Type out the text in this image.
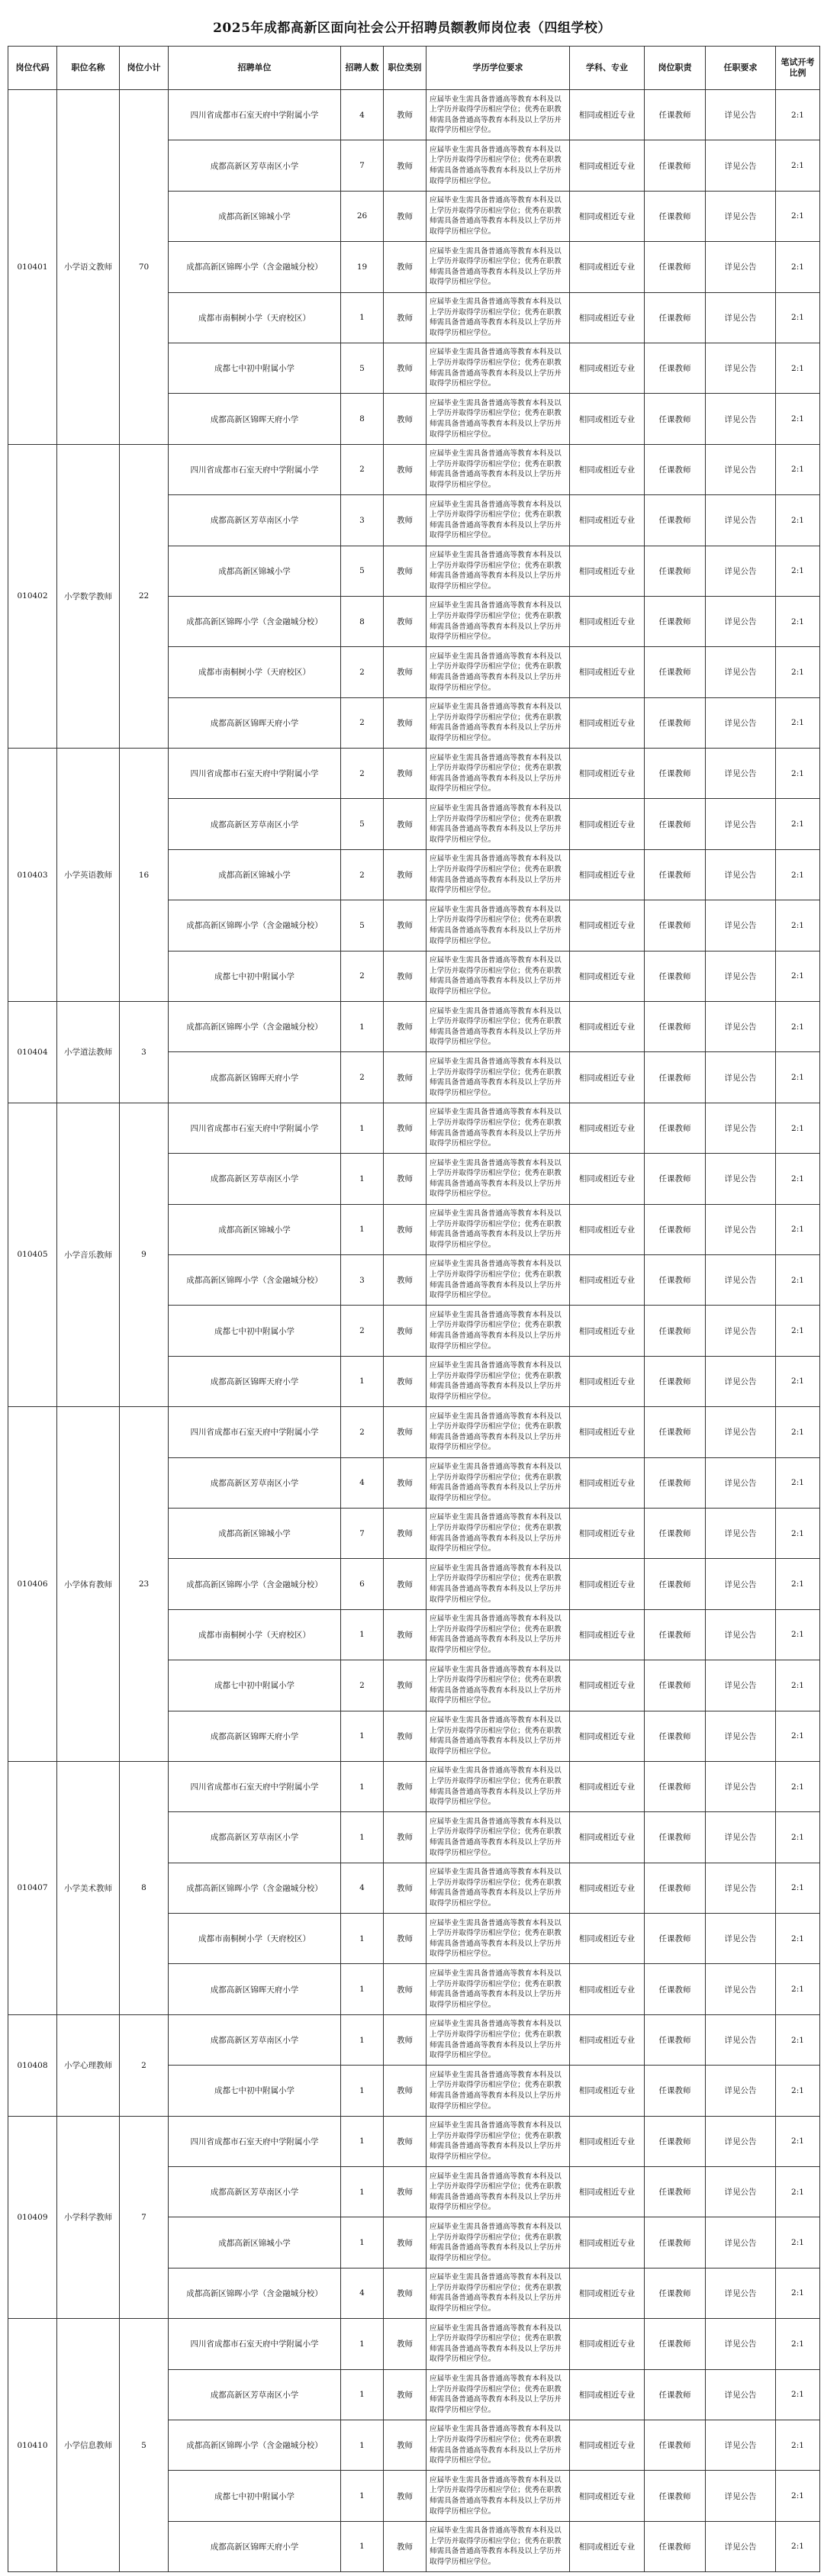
2025年成都高新区面向社会公开招聘员额教师岗位表（四组学校）
岗位代码	职位名称	岗位小计	招聘单位	招聘人数	职位类别	学历学位要求	学科、专业	岗位职责	任职要求	笔试开考比例
010401	小学语文教师	70	四川省成都市石室天府中学附属小学	4	教师	应届毕业生需具备普通高等教育本科及以上学历并取得学历相应学位；优秀在职教师需具备普通高等教育本科及以上学历并取得学历相应学位。	相同或相近专业	任课教师	详见公告	2:1
			成都高新区芳草南区小学	7	教师	应届毕业生需具备普通高等教育本科及以上学历并取得学历相应学位；优秀在职教师需具备普通高等教育本科及以上学历并取得学历相应学位。	相同或相近专业	任课教师	详见公告	2:1
			成都高新区锦城小学	26	教师	应届毕业生需具备普通高等教育本科及以上学历并取得学历相应学位；优秀在职教师需具备普通高等教育本科及以上学历并取得学历相应学位。	相同或相近专业	任课教师	详见公告	2:1
			成都高新区锦晖小学（含金融城分校）	19	教师	应届毕业生需具备普通高等教育本科及以上学历并取得学历相应学位；优秀在职教师需具备普通高等教育本科及以上学历并取得学历相应学位。	相同或相近专业	任课教师	详见公告	2:1
			成都市南桐树小学（天府校区）	1	教师	应届毕业生需具备普通高等教育本科及以上学历并取得学历相应学位；优秀在职教师需具备普通高等教育本科及以上学历并取得学历相应学位。	相同或相近专业	任课教师	详见公告	2:1
			成都七中初中附属小学	5	教师	应届毕业生需具备普通高等教育本科及以上学历并取得学历相应学位；优秀在职教师需具备普通高等教育本科及以上学历并取得学历相应学位。	相同或相近专业	任课教师	详见公告	2:1
			成都高新区锦晖天府小学	8	教师	应届毕业生需具备普通高等教育本科及以上学历并取得学历相应学位；优秀在职教师需具备普通高等教育本科及以上学历并取得学历相应学位。	相同或相近专业	任课教师	详见公告	2:1
010402	小学数学教师	22	四川省成都市石室天府中学附属小学	2	教师	应届毕业生需具备普通高等教育本科及以上学历并取得学历相应学位；优秀在职教师需具备普通高等教育本科及以上学历并取得学历相应学位。	相同或相近专业	任课教师	详见公告	2:1
			成都高新区芳草南区小学	3	教师	应届毕业生需具备普通高等教育本科及以上学历并取得学历相应学位；优秀在职教师需具备普通高等教育本科及以上学历并取得学历相应学位。	相同或相近专业	任课教师	详见公告	2:1
			成都高新区锦城小学	5	教师	应届毕业生需具备普通高等教育本科及以上学历并取得学历相应学位；优秀在职教师需具备普通高等教育本科及以上学历并取得学历相应学位。	相同或相近专业	任课教师	详见公告	2:1
			成都高新区锦晖小学（含金融城分校）	8	教师	应届毕业生需具备普通高等教育本科及以上学历并取得学历相应学位；优秀在职教师需具备普通高等教育本科及以上学历并取得学历相应学位。	相同或相近专业	任课教师	详见公告	2:1
			成都市南桐树小学（天府校区）	2	教师	应届毕业生需具备普通高等教育本科及以上学历并取得学历相应学位；优秀在职教师需具备普通高等教育本科及以上学历并取得学历相应学位。	相同或相近专业	任课教师	详见公告	2:1
			成都高新区锦晖天府小学	2	教师	应届毕业生需具备普通高等教育本科及以上学历并取得学历相应学位；优秀在职教师需具备普通高等教育本科及以上学历并取得学历相应学位。	相同或相近专业	任课教师	详见公告	2:1
010403	小学英语教师	16	四川省成都市石室天府中学附属小学	2	教师	应届毕业生需具备普通高等教育本科及以上学历并取得学历相应学位；优秀在职教师需具备普通高等教育本科及以上学历并取得学历相应学位。	相同或相近专业	任课教师	详见公告	2:1
			成都高新区芳草南区小学	5	教师	应届毕业生需具备普通高等教育本科及以上学历并取得学历相应学位；优秀在职教师需具备普通高等教育本科及以上学历并取得学历相应学位。	相同或相近专业	任课教师	详见公告	2:1
			成都高新区锦城小学	2	教师	应届毕业生需具备普通高等教育本科及以上学历并取得学历相应学位；优秀在职教师需具备普通高等教育本科及以上学历并取得学历相应学位。	相同或相近专业	任课教师	详见公告	2:1
			成都高新区锦晖小学（含金融城分校）	5	教师	应届毕业生需具备普通高等教育本科及以上学历并取得学历相应学位；优秀在职教师需具备普通高等教育本科及以上学历并取得学历相应学位。	相同或相近专业	任课教师	详见公告	2:1
			成都七中初中附属小学	2	教师	应届毕业生需具备普通高等教育本科及以上学历并取得学历相应学位；优秀在职教师需具备普通高等教育本科及以上学历并取得学历相应学位。	相同或相近专业	任课教师	详见公告	2:1
010404	小学道法教师	3	成都高新区锦晖小学（含金融城分校）	1	教师	应届毕业生需具备普通高等教育本科及以上学历并取得学历相应学位；优秀在职教师需具备普通高等教育本科及以上学历并取得学历相应学位。	相同或相近专业	任课教师	详见公告	2:1
			成都高新区锦晖天府小学	2	教师	应届毕业生需具备普通高等教育本科及以上学历并取得学历相应学位；优秀在职教师需具备普通高等教育本科及以上学历并取得学历相应学位。	相同或相近专业	任课教师	详见公告	2:1
010405	小学音乐教师	9	四川省成都市石室天府中学附属小学	1	教师	应届毕业生需具备普通高等教育本科及以上学历并取得学历相应学位；优秀在职教师需具备普通高等教育本科及以上学历并取得学历相应学位。	相同或相近专业	任课教师	详见公告	2:1
			成都高新区芳草南区小学	1	教师	应届毕业生需具备普通高等教育本科及以上学历并取得学历相应学位；优秀在职教师需具备普通高等教育本科及以上学历并取得学历相应学位。	相同或相近专业	任课教师	详见公告	2:1
			成都高新区锦城小学	1	教师	应届毕业生需具备普通高等教育本科及以上学历并取得学历相应学位；优秀在职教师需具备普通高等教育本科及以上学历并取得学历相应学位。	相同或相近专业	任课教师	详见公告	2:1
			成都高新区锦晖小学（含金融城分校）	3	教师	应届毕业生需具备普通高等教育本科及以上学历并取得学历相应学位；优秀在职教师需具备普通高等教育本科及以上学历并取得学历相应学位。	相同或相近专业	任课教师	详见公告	2:1
			成都七中初中附属小学	2	教师	应届毕业生需具备普通高等教育本科及以上学历并取得学历相应学位；优秀在职教师需具备普通高等教育本科及以上学历并取得学历相应学位。	相同或相近专业	任课教师	详见公告	2:1
			成都高新区锦晖天府小学	1	教师	应届毕业生需具备普通高等教育本科及以上学历并取得学历相应学位；优秀在职教师需具备普通高等教育本科及以上学历并取得学历相应学位。	相同或相近专业	任课教师	详见公告	2:1
010406	小学体育教师	23	四川省成都市石室天府中学附属小学	2	教师	应届毕业生需具备普通高等教育本科及以上学历并取得学历相应学位；优秀在职教师需具备普通高等教育本科及以上学历并取得学历相应学位。	相同或相近专业	任课教师	详见公告	2:1
			成都高新区芳草南区小学	4	教师	应届毕业生需具备普通高等教育本科及以上学历并取得学历相应学位；优秀在职教师需具备普通高等教育本科及以上学历并取得学历相应学位。	相同或相近专业	任课教师	详见公告	2:1
			成都高新区锦城小学	7	教师	应届毕业生需具备普通高等教育本科及以上学历并取得学历相应学位；优秀在职教师需具备普通高等教育本科及以上学历并取得学历相应学位。	相同或相近专业	任课教师	详见公告	2:1
			成都高新区锦晖小学（含金融城分校）	6	教师	应届毕业生需具备普通高等教育本科及以上学历并取得学历相应学位；优秀在职教师需具备普通高等教育本科及以上学历并取得学历相应学位。	相同或相近专业	任课教师	详见公告	2:1
			成都市南桐树小学（天府校区）	1	教师	应届毕业生需具备普通高等教育本科及以上学历并取得学历相应学位；优秀在职教师需具备普通高等教育本科及以上学历并取得学历相应学位。	相同或相近专业	任课教师	详见公告	2:1
			成都七中初中附属小学	2	教师	应届毕业生需具备普通高等教育本科及以上学历并取得学历相应学位；优秀在职教师需具备普通高等教育本科及以上学历并取得学历相应学位。	相同或相近专业	任课教师	详见公告	2:1
			成都高新区锦晖天府小学	1	教师	应届毕业生需具备普通高等教育本科及以上学历并取得学历相应学位；优秀在职教师需具备普通高等教育本科及以上学历并取得学历相应学位。	相同或相近专业	任课教师	详见公告	2:1
010407	小学美术教师	8	四川省成都市石室天府中学附属小学	1	教师	应届毕业生需具备普通高等教育本科及以上学历并取得学历相应学位；优秀在职教师需具备普通高等教育本科及以上学历并取得学历相应学位。	相同或相近专业	任课教师	详见公告	2:1
			成都高新区芳草南区小学	1	教师	应届毕业生需具备普通高等教育本科及以上学历并取得学历相应学位；优秀在职教师需具备普通高等教育本科及以上学历并取得学历相应学位。	相同或相近专业	任课教师	详见公告	2:1
			成都高新区锦晖小学（含金融城分校）	4	教师	应届毕业生需具备普通高等教育本科及以上学历并取得学历相应学位；优秀在职教师需具备普通高等教育本科及以上学历并取得学历相应学位。	相同或相近专业	任课教师	详见公告	2:1
			成都市南桐树小学（天府校区）	1	教师	应届毕业生需具备普通高等教育本科及以上学历并取得学历相应学位；优秀在职教师需具备普通高等教育本科及以上学历并取得学历相应学位。	相同或相近专业	任课教师	详见公告	2:1
			成都高新区锦晖天府小学	1	教师	应届毕业生需具备普通高等教育本科及以上学历并取得学历相应学位；优秀在职教师需具备普通高等教育本科及以上学历并取得学历相应学位。	相同或相近专业	任课教师	详见公告	2:1
010408	小学心理教师	2	成都高新区芳草南区小学	1	教师	应届毕业生需具备普通高等教育本科及以上学历并取得学历相应学位；优秀在职教师需具备普通高等教育本科及以上学历并取得学历相应学位。	相同或相近专业	任课教师	详见公告	2:1
			成都七中初中附属小学	1	教师	应届毕业生需具备普通高等教育本科及以上学历并取得学历相应学位；优秀在职教师需具备普通高等教育本科及以上学历并取得学历相应学位。	相同或相近专业	任课教师	详见公告	2:1
010409	小学科学教师	7	四川省成都市石室天府中学附属小学	1	教师	应届毕业生需具备普通高等教育本科及以上学历并取得学历相应学位；优秀在职教师需具备普通高等教育本科及以上学历并取得学历相应学位。	相同或相近专业	任课教师	详见公告	2:1
			成都高新区芳草南区小学	1	教师	应届毕业生需具备普通高等教育本科及以上学历并取得学历相应学位；优秀在职教师需具备普通高等教育本科及以上学历并取得学历相应学位。	相同或相近专业	任课教师	详见公告	2:1
			成都高新区锦城小学	1	教师	应届毕业生需具备普通高等教育本科及以上学历并取得学历相应学位；优秀在职教师需具备普通高等教育本科及以上学历并取得学历相应学位。	相同或相近专业	任课教师	详见公告	2:1
			成都高新区锦晖小学（含金融城分校）	4	教师	应届毕业生需具备普通高等教育本科及以上学历并取得学历相应学位；优秀在职教师需具备普通高等教育本科及以上学历并取得学历相应学位。	相同或相近专业	任课教师	详见公告	2:1
010410	小学信息教师	5	四川省成都市石室天府中学附属小学	1	教师	应届毕业生需具备普通高等教育本科及以上学历并取得学历相应学位；优秀在职教师需具备普通高等教育本科及以上学历并取得学历相应学位。	相同或相近专业	任课教师	详见公告	2:1
			成都高新区芳草南区小学	1	教师	应届毕业生需具备普通高等教育本科及以上学历并取得学历相应学位；优秀在职教师需具备普通高等教育本科及以上学历并取得学历相应学位。	相同或相近专业	任课教师	详见公告	2:1
			成都高新区锦晖小学（含金融城分校）	1	教师	应届毕业生需具备普通高等教育本科及以上学历并取得学历相应学位；优秀在职教师需具备普通高等教育本科及以上学历并取得学历相应学位。	相同或相近专业	任课教师	详见公告	2:1
			成都七中初中附属小学	1	教师	应届毕业生需具备普通高等教育本科及以上学历并取得学历相应学位；优秀在职教师需具备普通高等教育本科及以上学历并取得学历相应学位。	相同或相近专业	任课教师	详见公告	2:1
			成都高新区锦晖天府小学	1	教师	应届毕业生需具备普通高等教育本科及以上学历并取得学历相应学位；优秀在职教师需具备普通高等教育本科及以上学历并取得学历相应学位。	相同或相近专业	任课教师	详见公告	2:1
